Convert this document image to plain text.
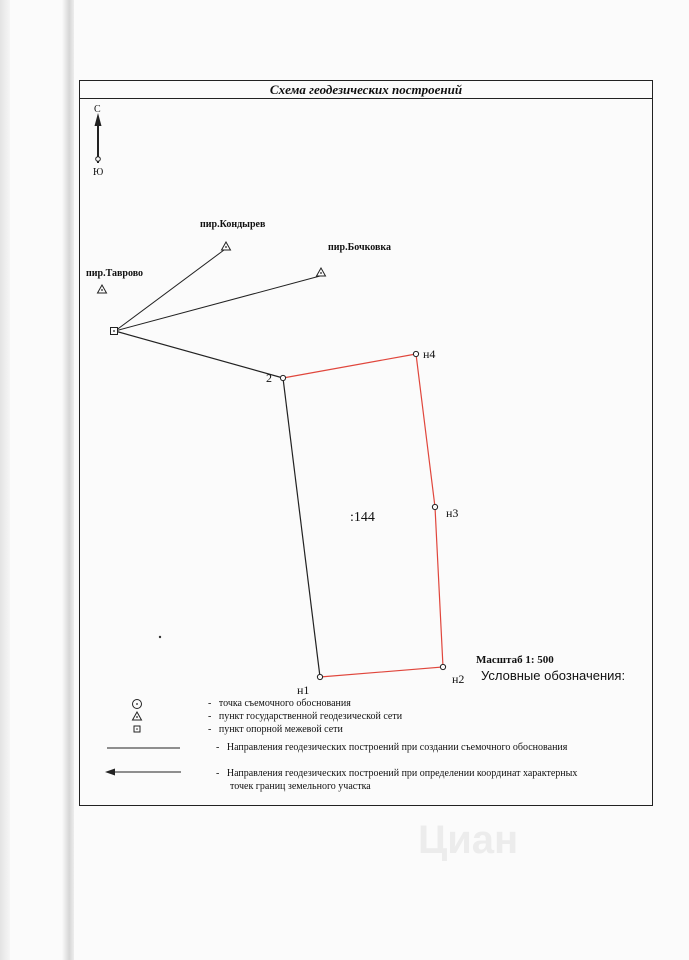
Схема геодезических построений
С
Ю
пир.Таврово
пир.Кондырев
пир.Бочковка
2
н4
н3
н1
н2
:144
Масштаб 1: 500
Условные обозначения:
-   точка съемочного обоснования
-   пункт государственной геодезической сети
-   пункт опорной межевой сети
-   Направления геодезических построений при создании съемочного обоснования
-   Направления геодезических построений при определении координат характерных
точек границ земельного участка
Циан
